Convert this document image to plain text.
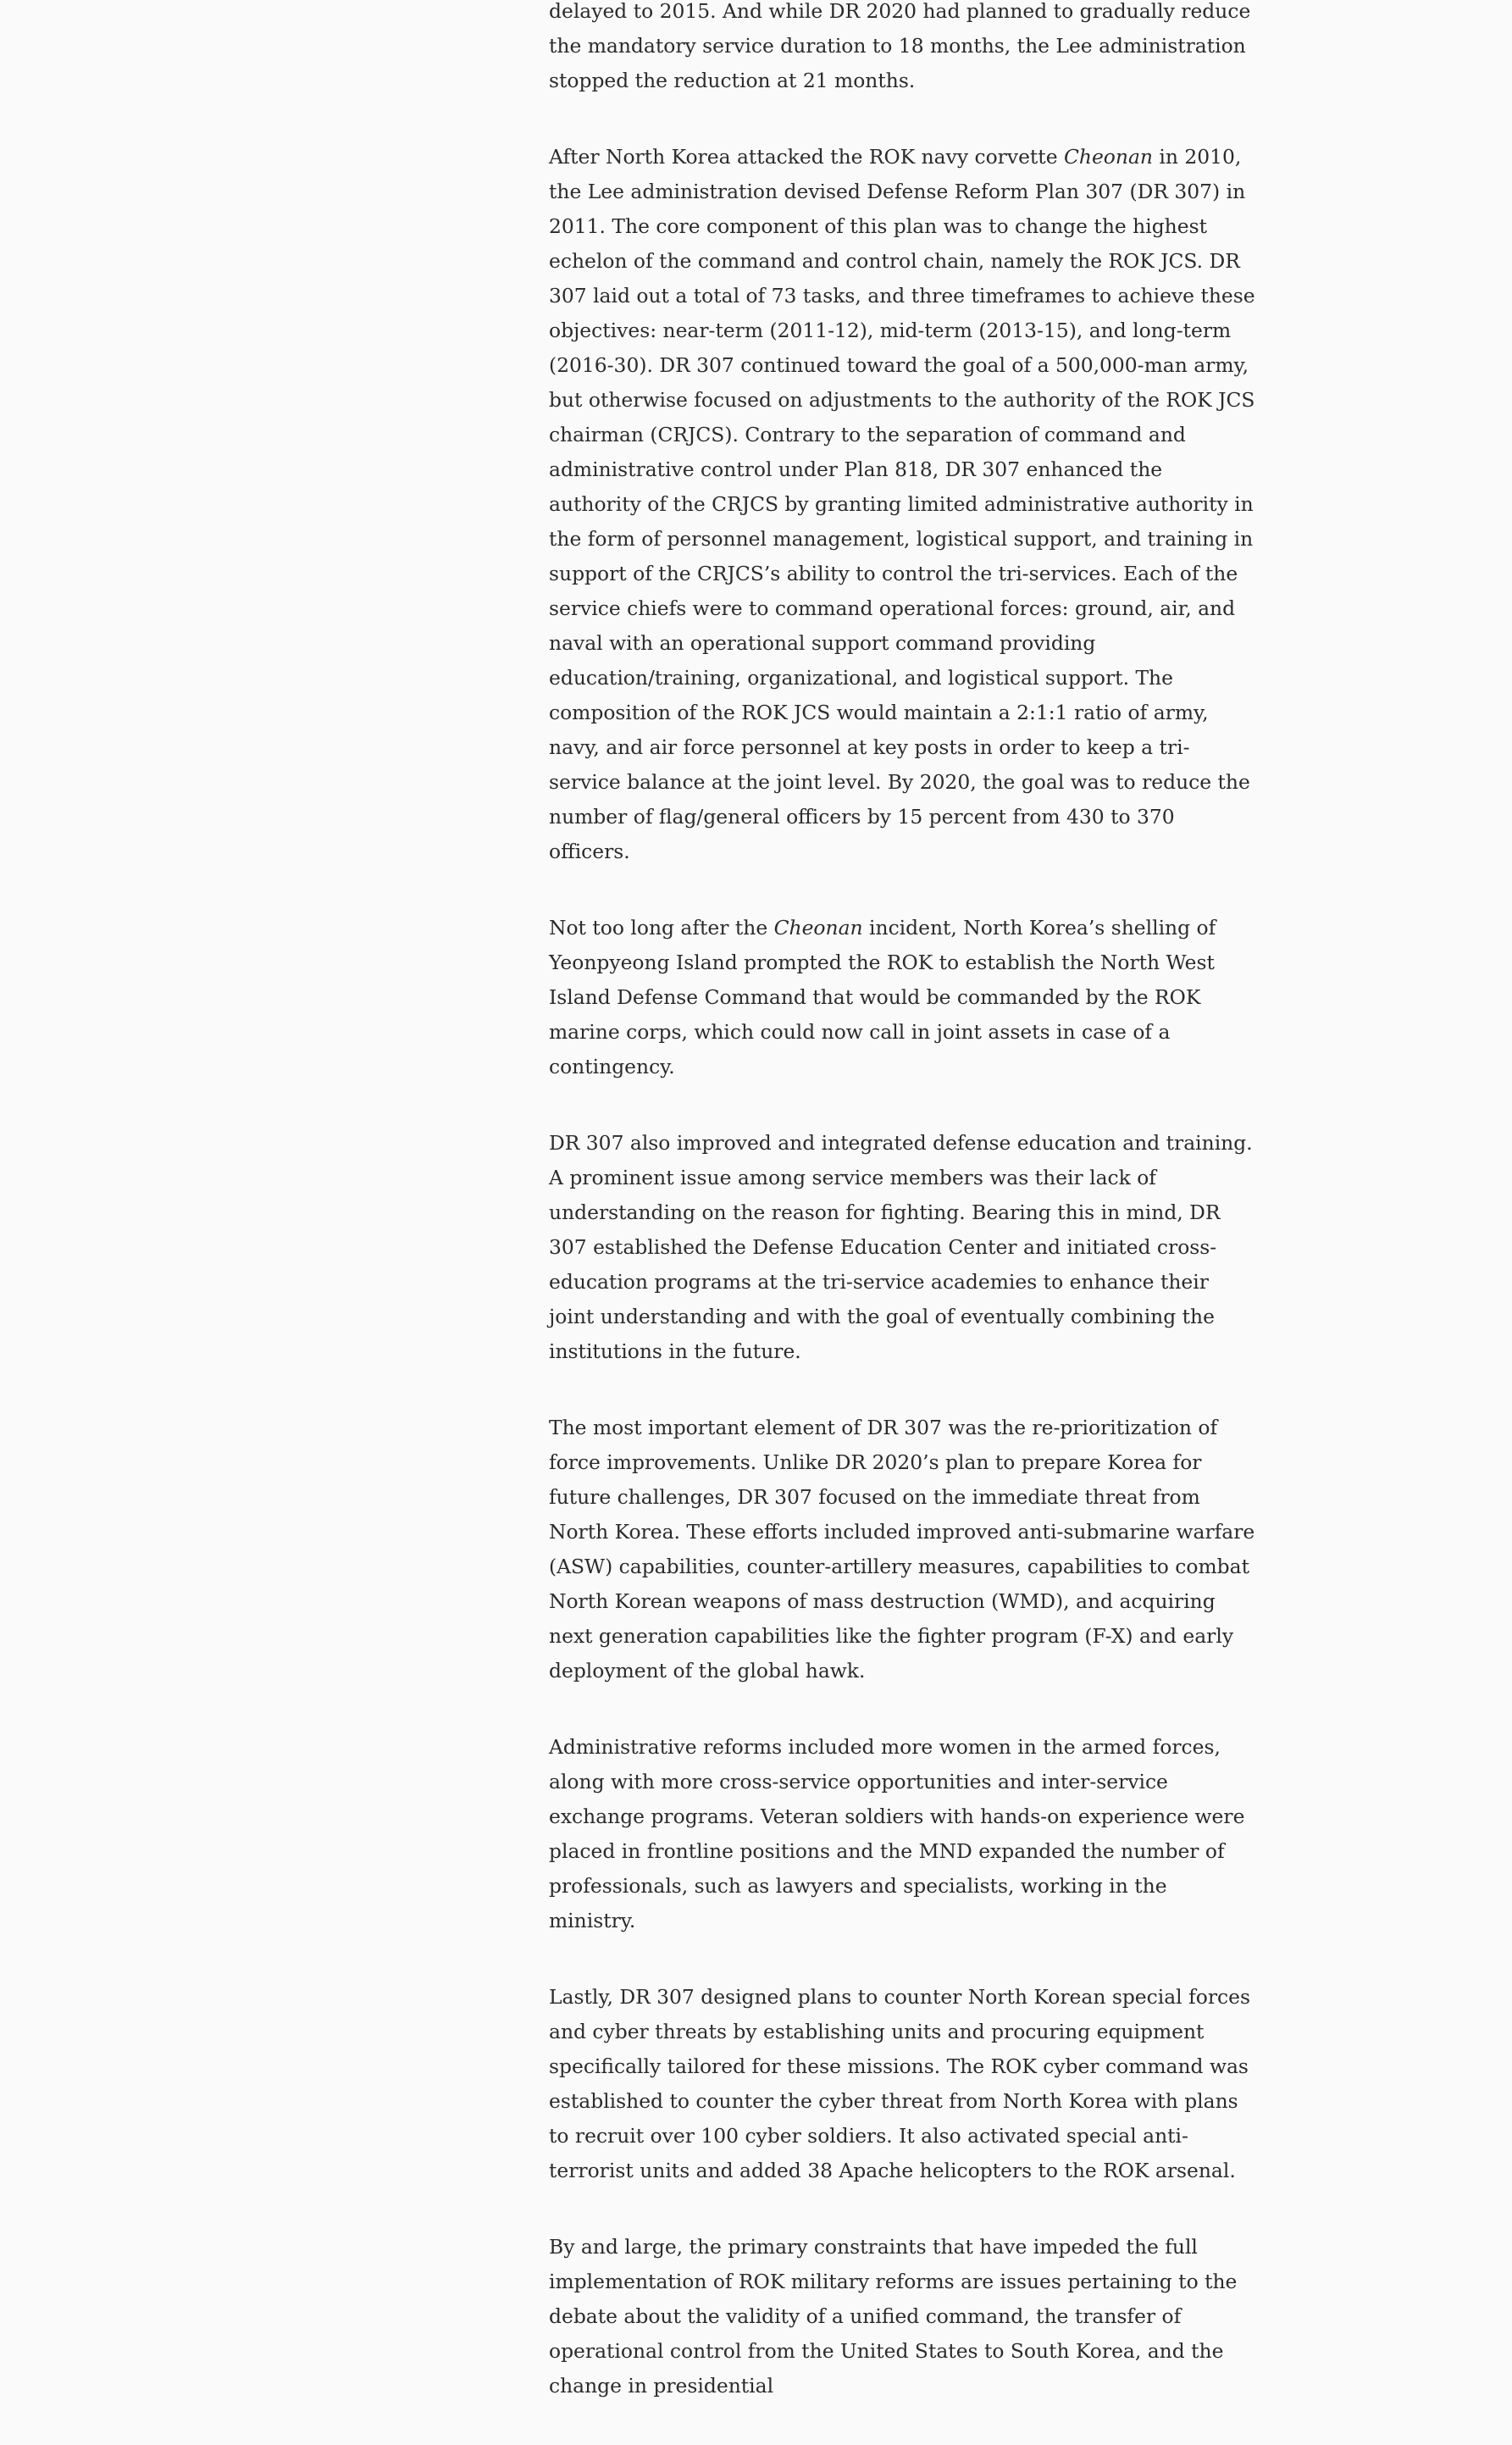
delayed to 2015. And while DR 2020 had planned to gradually reduce the mandatory service duration to 18 months, the Lee administration stopped the reduction at 21 months.

After North Korea attacked the ROK navy corvette Cheonan in 2010, the Lee administration devised Defense Reform Plan 307 (DR 307) in 2011. The core component of this plan was to change the highest echelon of the command and control chain, namely the ROK JCS. DR 307 laid out a total of 73 tasks, and three timeframes to achieve these objectives: near-term (2011-12), mid-term (2013-15), and long-term (2016-30). DR 307 continued toward the goal of a 500,000-man army, but otherwise focused on adjustments to the authority of the ROK JCS chairman (CRJCS). Contrary to the separation of command and administrative control under Plan 818, DR 307 enhanced the authority of the CRJCS by granting limited administrative authority in the form of personnel management, logistical support, and training in support of the CRJCS’s ability to control the tri-services. Each of the service chiefs were to command operational forces: ground, air, and naval with an operational support command providing education/training, organizational, and logistical support. The composition of the ROK JCS would maintain a 2:1:1 ratio of army, navy, and air force personnel at key posts in order to keep a tri-service balance at the joint level. By 2020, the goal was to reduce the number of flag/general officers by 15 percent from 430 to 370 officers.

Not too long after the Cheonan incident, North Korea’s shelling of Yeonpyeong Island prompted the ROK to establish the North West Island Defense Command that would be commanded by the ROK marine corps, which could now call in joint assets in case of a contingency.

DR 307 also improved and integrated defense education and training. A prominent issue among service members was their lack of understanding on the reason for fighting. Bearing this in mind, DR 307 established the Defense Education Center and initiated cross-education programs at the tri-service academies to enhance their joint understanding and with the goal of eventually combining the institutions in the future.

The most important element of DR 307 was the re-prioritization of force improvements. Unlike DR 2020’s plan to prepare Korea for future challenges, DR 307 focused on the immediate threat from North Korea. These efforts included improved anti-submarine warfare (ASW) capabilities, counter-artillery measures, capabilities to combat North Korean weapons of mass destruction (WMD), and acquiring next generation capabilities like the fighter program (F-X) and early deployment of the global hawk.

Administrative reforms included more women in the armed forces, along with more cross-service opportunities and inter-service exchange programs. Veteran soldiers with hands-on experience were placed in frontline positions and the MND expanded the number of professionals, such as lawyers and specialists, working in the ministry.

Lastly, DR 307 designed plans to counter North Korean special forces and cyber threats by establishing units and procuring equipment specifically tailored for these missions. The ROK cyber command was established to counter the cyber threat from North Korea with plans to recruit over 100 cyber soldiers. It also activated special anti-terrorist units and added 38 Apache helicopters to the ROK arsenal.

By and large, the primary constraints that have impeded the full implementation of ROK military reforms are issues pertaining to the debate about the validity of a unified command, the transfer of operational control from the United States to South Korea, and the change in presidential
